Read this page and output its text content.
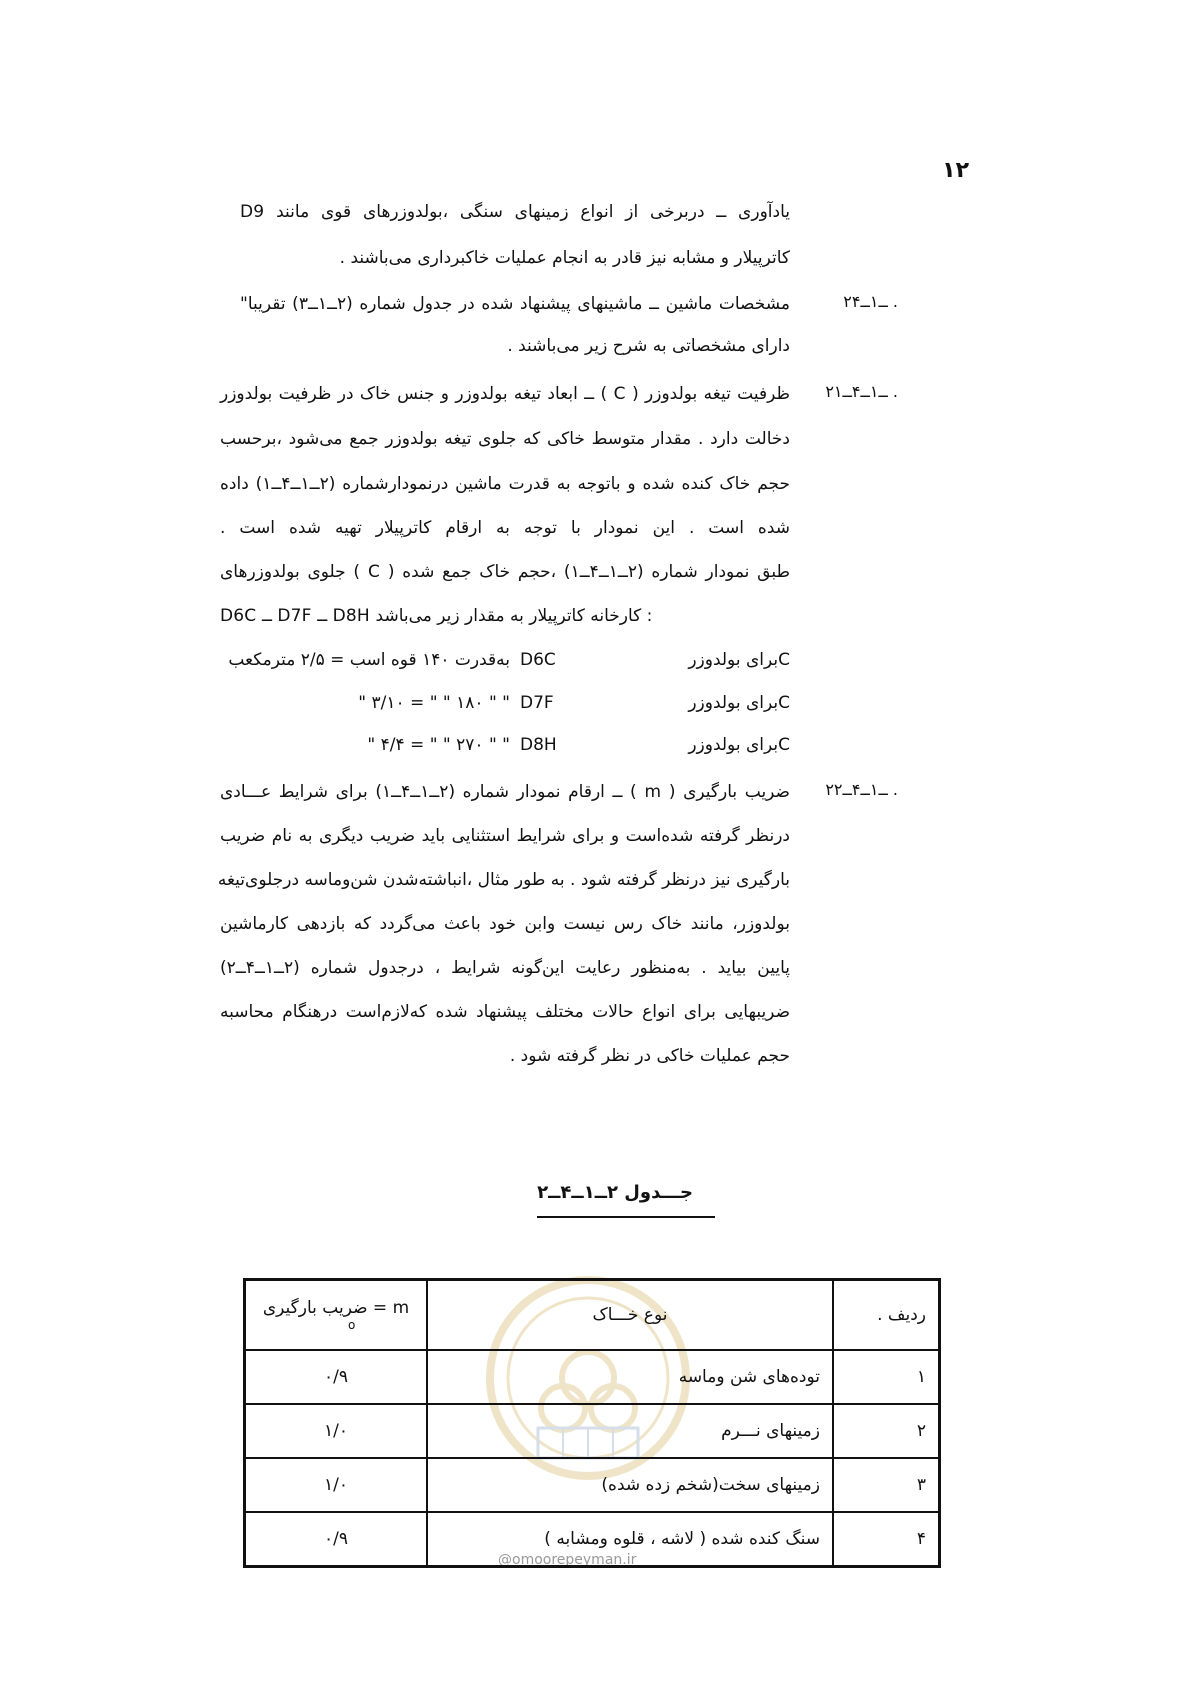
۱۲
یادآوری ــ دربرخی از انواع زمینهای سنگی ،بولدوزرهای قوی مانند D9
کاترپیلار و مشابه نیز قادر به انجام عملیات خاکبرداری می‌باشند .
۲ــ۱ــ۴ .
مشخصات ماشین ــ ماشینهای پیشنهاد شده در جدول شماره (۲ــ۱ــ۳) تقریبا"
دارای مشخصاتی به شرح زیر می‌باشند .
۲ــ۱ــ۴ــ۱ .
ظرفیت تیغه بولدوزر ( C ) ــ ابعاد تیغه بولدوزر و جنس خاک در ظرفیت بولدوزر
دخالت دارد . مقدار متوسط خاکی که جلوی تیغه بولدوزر جمع می‌شود ،برحسب
حجم خاک کنده شده و باتوجه به قدرت ماشین درنمودارشماره (۲ــ۱ــ۴ــ۱) داده
شده است . این نمودار با توجه به ارقام کاترپیلار تهیه شده است .
طبق نمودار شماره (۲ــ۱ــ۴ــ۱) ،حجم خاک جمع شده ( C ) جلوی بولدوزرهای
D6C ــ D7F ــ D8H کارخانه کاترپیلار به مقدار زیر می‌باشد :
Cبرای بولدوزر
D6C
به‌قدرت ۱۴۰ قوه اسب = ۲/۵ مترمکعب
Cبرای بولدوزر
D7F
" " ۱۸۰ " " = ۳/۱۰ "
Cبرای بولدوزر
D8H
" " ۲۷۰ " " = ۴/۴ "
۲ــ۱ــ۴ــ۲ .
ضریب بارگیری ( m ) ــ ارقام نمودار شماره (۲ــ۱ــ۴ــ۱) برای شرایط عـــادی
درنظر گرفته شده‌است و برای شرایط استثنایی باید ضریب دیگری به نام ضریب
بارگیری نیز درنظر گرفته شود . به طور مثال ،انباشته‌شدن شن‌وماسه درجلوی‌تیغه
بولدوزر، مانند خاک رس نیست وابن خود باعث می‌گردد که بازدهی کارماشین
پایین بیاید . به‌منظور رعایت این‌گونه شرایط ، درجدول شماره (۲ــ۱ــ۴ــ۲)
ضریبهایی برای انواع حالات مختلف پیشنهاد شده که‌لازم‌است درهنگام محاسبه
حجم عملیات خاکی در نظر گرفته شود .
جـــدول ۲ــ۱ــ۴ــ۲
@omoorepeyman.ir
ردیف .	نوع خـــاک	m = ضریب بارگیری
o

۱	توده‌های شن وماسه	۰/۹
۲	زمینهای نـــرم	۱/۰
۳	زمینهای سخت(شخم زده شده)	۱/۰
۴	سنگ کنده شده ( لاشه ، قلوه ومشابه )	۰/۹
